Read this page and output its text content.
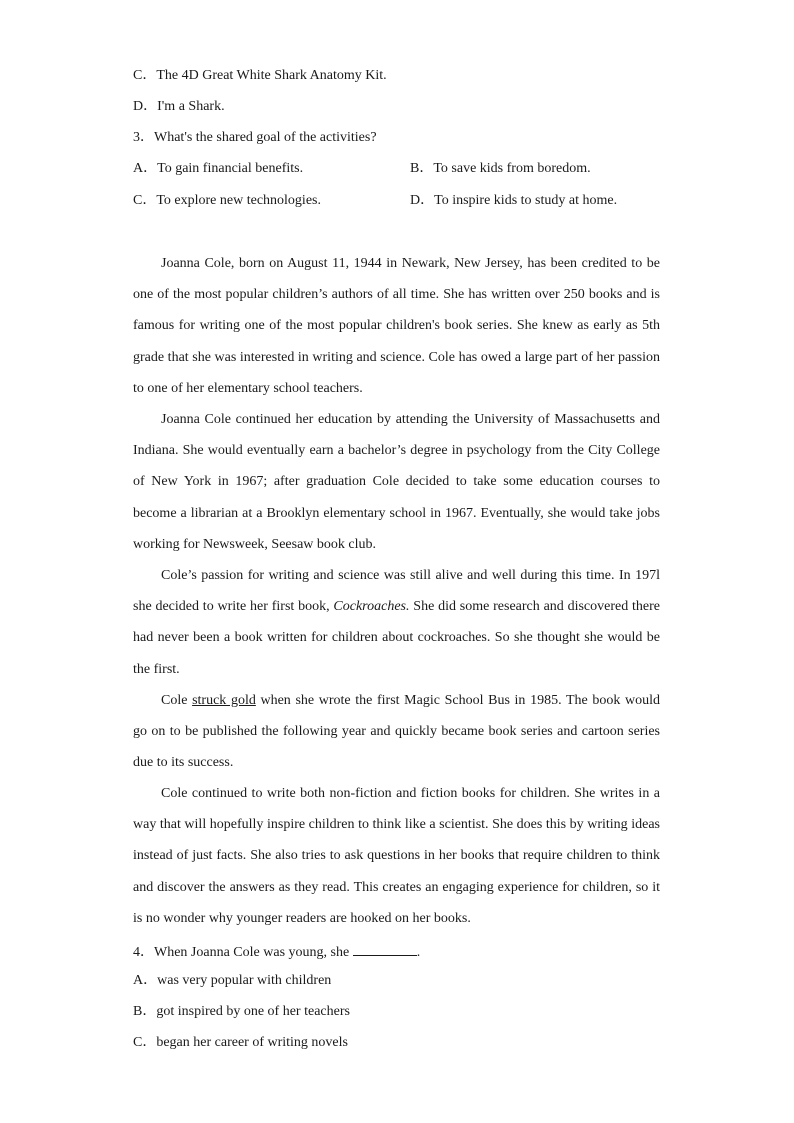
C．The 4D Great White Shark Anatomy Kit.
D．I'm a Shark.
3．What's the shared goal of the activities?
A．To gain financial benefits.	B．To save kids from boredom.
C．To explore new technologies.	D．To inspire kids to study at home.
Joanna Cole, born on August 11, 1944 in Newark, New Jersey, has been credited to be one of the most popular children’s authors of all time. She has written over 250 books and is famous for writing one of the most popular children's book series. She knew as early as 5th grade that she was interested in writing and science. Cole has owed a large part of her passion to one of her elementary school teachers.
Joanna Cole continued her education by attending the University of Massachusetts and Indiana. She would eventually earn a bachelor’s degree in psychology from the City College of New York in 1967; after graduation Cole decided to take some education courses to become a librarian at a Brooklyn elementary school in 1967. Eventually, she would take jobs working for Newsweek, Seesaw book club.
Cole’s passion for writing and science was still alive and well during this time. In 197l she decided to write her first book, Cockroaches. She did some research and discovered there had never been a book written for children about cockroaches. So she thought she would be the first.
Cole struck gold when she wrote the first Magic School Bus in 1985. The book would go on to be published the following year and quickly became book series and cartoon series due to its success.
Cole continued to write both non-fiction and fiction books for children. She writes in a way that will hopefully inspire children to think like a scientist. She does this by writing ideas instead of just facts. She also tries to ask questions in her books that require children to think and discover the answers as they read. This creates an engaging experience for children, so it is no wonder why younger readers are hooked on her books.
4．When Joanna Cole was young, she	.
A．was very popular with children
B．got inspired by one of her teachers
C．began her career of writing novels
